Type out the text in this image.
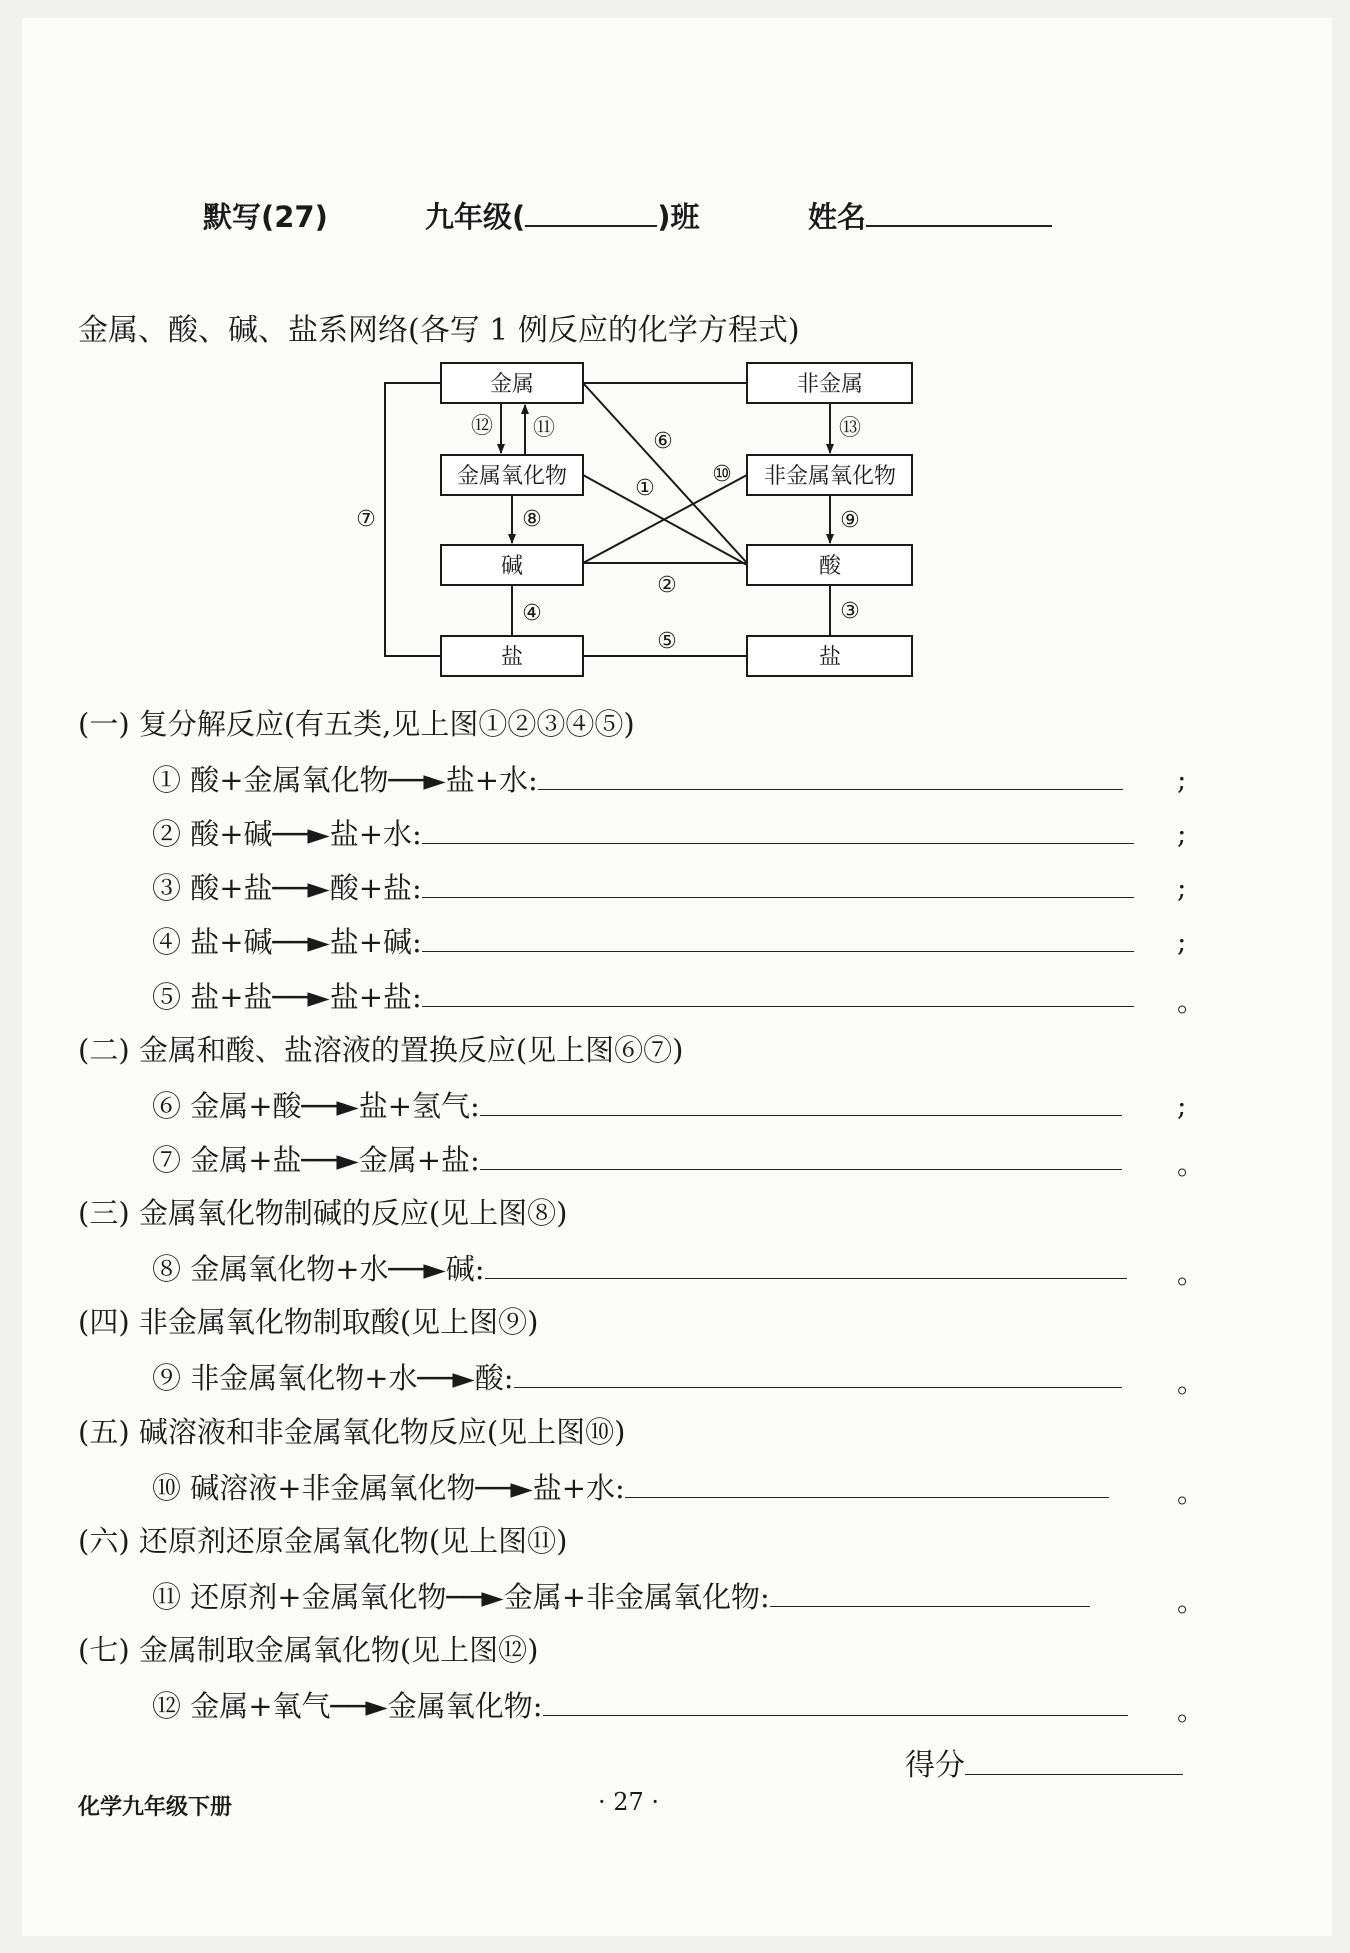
默写(27)	九年级(	)班	姓名
金属、酸、碱、盐系网络(各写 1 例反应的化学方程式)
金属	非金属
金属氧化物	非金属氧化物
碱	酸
盐	盐
⑫ ⑪	⑬
⑥
⑩
①
⑦	⑧	⑨
②
④	③
⑤
(一) 复分解反应(有五类,见上图①②③④⑤)
① 酸+金属氧化物──►盐+水:	;
② 酸+碱──►盐+水:	;
③ 酸+盐──►酸+盐:	;
④ 盐+碱──►盐+碱:	;
⑤ 盐+盐──►盐+盐:	。
(二) 金属和酸、盐溶液的置换反应(见上图⑥⑦)
⑥ 金属+酸──►盐+氢气:	;
⑦ 金属+盐──►金属+盐:	。
(三) 金属氧化物制碱的反应(见上图⑧)
⑧ 金属氧化物+水──►碱:	。
(四) 非金属氧化物制取酸(见上图⑨)
⑨ 非金属氧化物+水──►酸:	。
(五) 碱溶液和非金属氧化物反应(见上图⑩)
⑩ 碱溶液+非金属氧化物──►盐+水:	。
(六) 还原剂还原金属氧化物(见上图⑪)
⑪ 还原剂+金属氧化物──►金属+非金属氧化物:	。
(七) 金属制取金属氧化物(见上图⑫)
⑫ 金属+氧气──►金属氧化物:	。
得分
化学九年级下册	· 27 ·
